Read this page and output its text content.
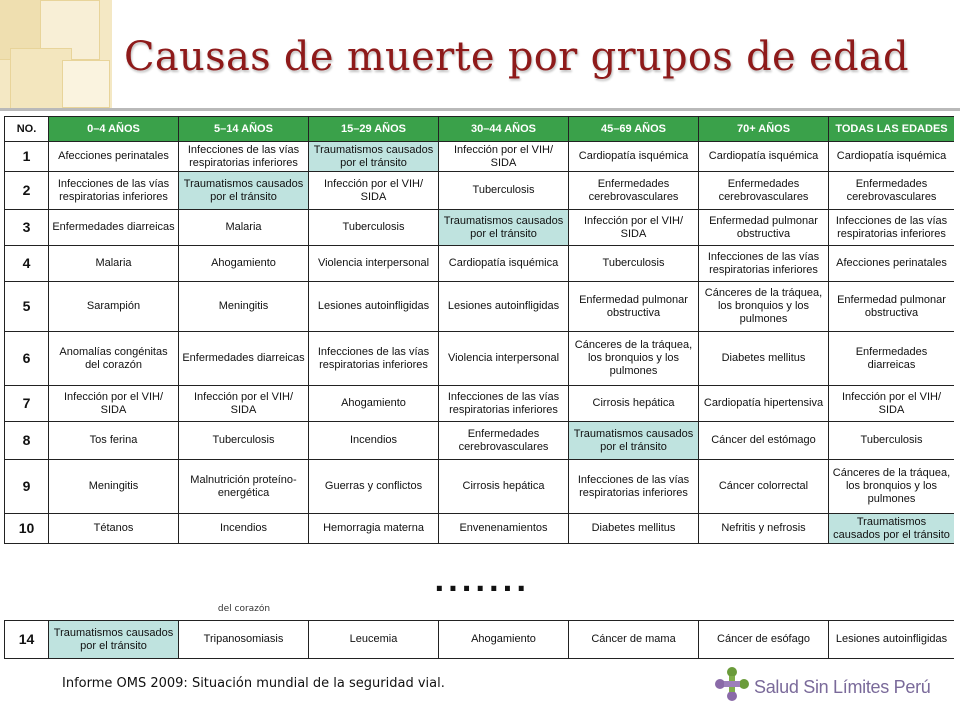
Causas de muerte por grupos de edad
NO.	0–4 AÑOS	5–14 AÑOS	15–29 AÑOS	30–44 AÑOS	45–69 AÑOS	70+ AÑOS	TODAS LAS EDADES
1	Afecciones perinatales	Infecciones de las vías respiratorias inferiores	Traumatismos causados por el tránsito	Infección por el VIH/ SIDA	Cardiopatía isquémica	Cardiopatía isquémica	Cardiopatía isquémica
2	Infecciones de las vías respiratorias inferiores	Traumatismos causados por el tránsito	Infección por el VIH/ SIDA	Tuberculosis	Enfermedades cerebrovasculares	Enfermedades cerebrovasculares	Enfermedades cerebrovasculares
3	Enfermedades diarreicas	Malaria	Tuberculosis	Traumatismos causados por el tránsito	Infección por el VIH/ SIDA	Enfermedad pulmonar obstructiva	Infecciones de las vías respiratorias inferiores
4	Malaria	Ahogamiento	Violencia interpersonal	Cardiopatía isquémica	Tuberculosis	Infecciones de las vías respiratorias inferiores	Afecciones perinatales
5	Sarampión	Meningitis	Lesiones autoinfligidas	Lesiones autoinfligidas	Enfermedad pulmonar obstructiva	Cánceres de la tráquea, los bronquios y los pulmones	Enfermedad pulmonar obstructiva
6	Anomalías congénitas del corazón	Enfermedades diarreicas	Infecciones de las vías respiratorias inferiores	Violencia interpersonal	Cánceres de la tráquea, los bronquios y los pulmones	Diabetes mellitus	Enfermedades diarreicas
7	Infección por el VIH/ SIDA	Infección por el VIH/ SIDA	Ahogamiento	Infecciones de las vías respiratorias inferiores	Cirrosis hepática	Cardiopatía hipertensiva	Infección por el VIH/ SIDA
8	Tos ferina	Tuberculosis	Incendios	Enfermedades cerebrovasculares	Traumatismos causados por el tránsito	Cáncer del estómago	Tuberculosis
9	Meningitis	Malnutrición proteíno-energética	Guerras y conflictos	Cirrosis hepática	Infecciones de las vías respiratorias inferiores	Cáncer colorrectal	Cánceres de la tráquea, los bronquios y los pulmones
10	Tétanos	Incendios	Hemorragia materna	Envenenamientos	Diabetes mellitus	Nefritis y nefrosis	Traumatismos causados por el tránsito
.......
del corazón
14	Traumatismos causados por el tránsito	Tripanosomiasis	Leucemia	Ahogamiento	Cáncer de mama	Cáncer de esófago	Lesiones autoinfligidas
Informe OMS 2009: Situación mundial de la seguridad vial.	Salud Sin Límites Perú
